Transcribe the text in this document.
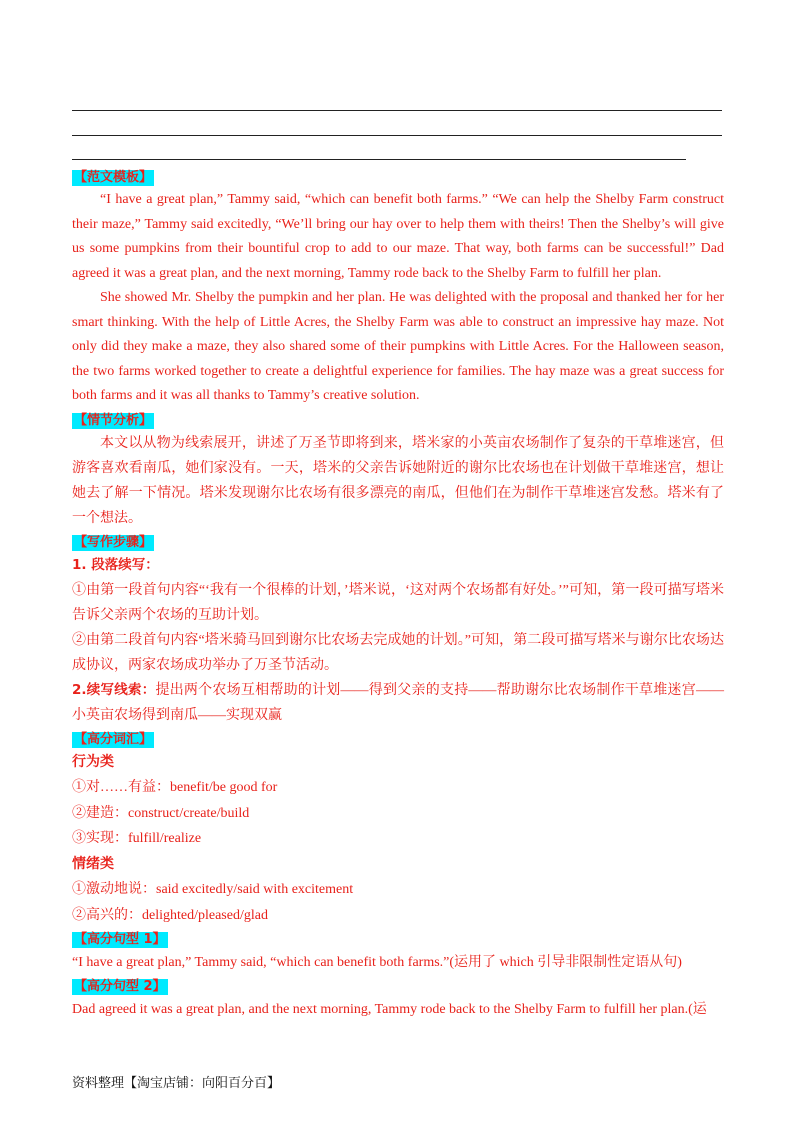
【范文模板】

“I have a great plan,” Tammy said, “which can benefit both farms.” “We can help the Shelby Farm construct their maze,” Tammy said excitedly, “We’ll bring our hay over to help them with theirs! Then the Shelby’s will give us some pumpkins from their bountiful crop to add to our maze. That way, both farms can be successful!” Dad agreed it was a great plan, and the next morning, Tammy rode back to the Shelby Farm to fulfill her plan.

She showed Mr. Shelby the pumpkin and her plan. He was delighted with the proposal and thanked her for her smart thinking. With the help of Little Acres, the Shelby Farm was able to construct an impressive hay maze. Not only did they make a maze, they also shared some of their pumpkins with Little Acres. For the Halloween season, the two farms worked together to create a delightful experience for families. The hay maze was a great success for both farms and it was all thanks to Tammy’s creative solution.

【情节分析】

本文以从物为线索展开，讲述了万圣节即将到来，塔米家的小英亩农场制作了复杂的干草堆迷宫，但游客喜欢看南瓜，她们家没有。一天，塔米的父亲告诉她附近的谢尔比农场也在计划做干草堆迷宫，想让她去了解一下情况。塔米发现谢尔比农场有很多漂亮的南瓜，但他们在为制作干草堆迷宫发愁。塔米有了一个想法。

【写作步骤】

1. 段落续写：

①由第一段首句内容“‘我有一个很棒的计划，’塔米说，‘这对两个农场都有好处。’”可知，第一段可描写塔米告诉父亲两个农场的互助计划。

②由第二段首句内容“塔米骑马回到谢尔比农场去完成她的计划。”可知，第二段可描写塔米与谢尔比农场达成协议，两家农场成功举办了万圣节活动。

2.续写线索：提出两个农场互相帮助的计划——得到父亲的支持——帮助谢尔比农场制作干草堆迷宫——小英亩农场得到南瓜——实现双赢

【高分词汇】

行为类

①对……有益：benefit/be good for

②建造：construct/create/build

③实现：fulfill/realize

情绪类

①激动地说：said excitedly/said with excitement

②高兴的：delighted/pleased/glad

【高分句型 1】

“I have a great plan,” Tammy said, “which can benefit both farms.”(运用了 which 引导非限制性定语从句)

【高分句型 2】

Dad agreed it was a great plan, and the next morning, Tammy rode back to the Shelby Farm to fulfill her plan.(运

资料整理【淘宝店铺：向阳百分百】
